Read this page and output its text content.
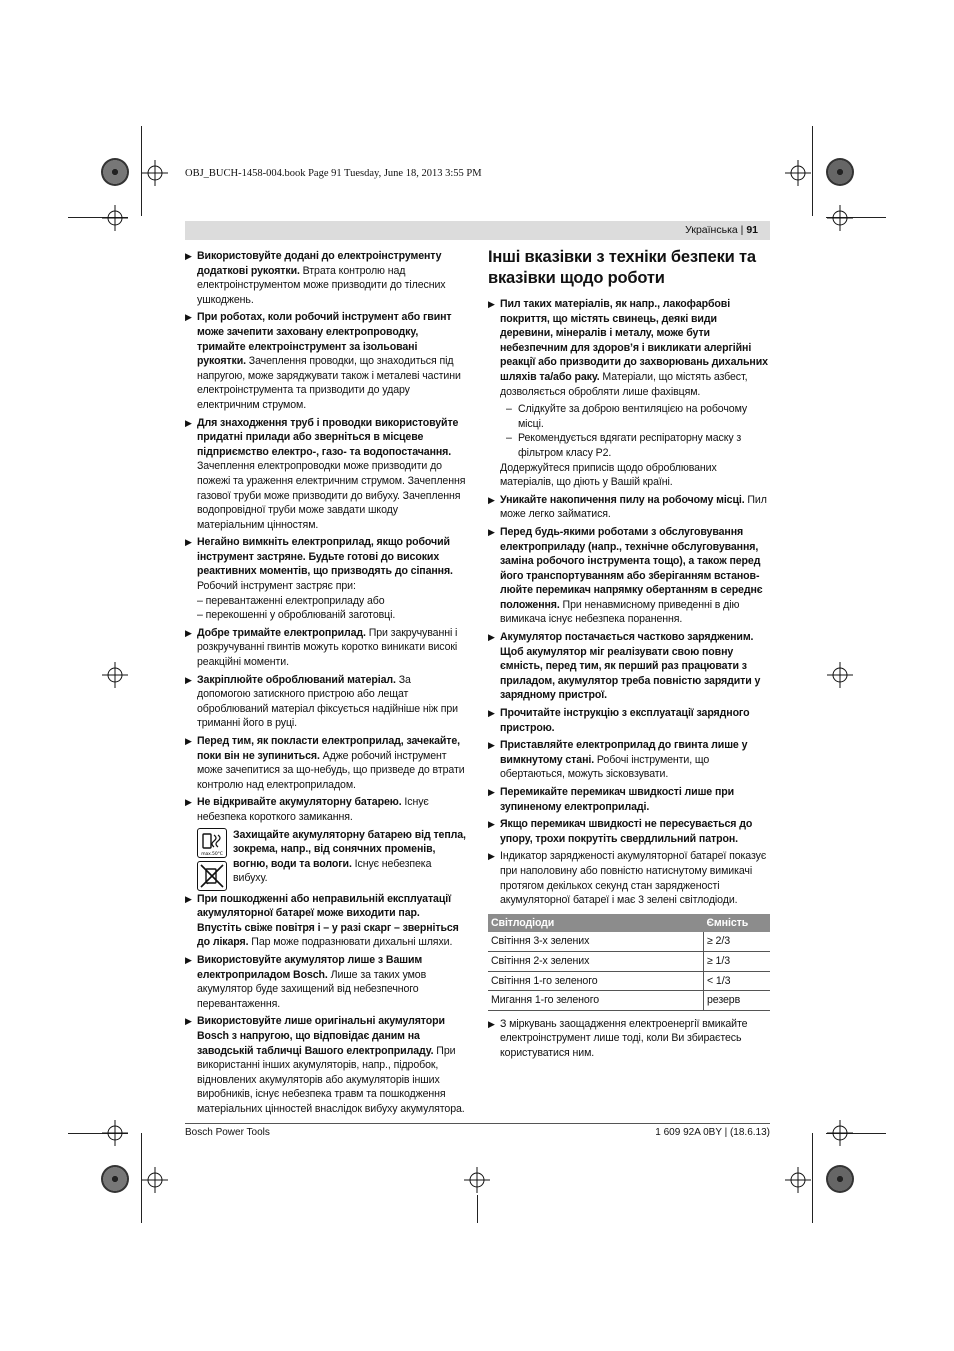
OBJ_BUCH-1458-004.book Page 91 Tuesday, June 18, 2013 3:55 PM
Українська | 91
▶ Використовуйте додані до електроінструменту додаткові рукоятки. Втрата контролю над електроінструментом може призводити до тілесних ушкоджень.
▶ При роботах, коли робочий інструмент або гвинт може зачепити заховану електропроводку, тримайте електроінструмент за ізольовані рукоятки. Зачеплення проводки, що знаходиться під напругою, може заряджувати також і металеві частини електроінструмента та призводити до удару електричним струмом.
▶ Для знаходження труб і проводки використовуйте придатні прилади або зверніться в місцеве підприємство електро-, газо- та водопостачання. Зачеплення електропроводки може призводити до пожежі та ураження електричним струмом. Зачеплення газової труби може призводити до вибуху. Зачеплення водопровідної труби може завдати шкоду матеріальним цінностям.
▶ Негайно вимкніть електроприлад, якщо робочий інструмент застряне. Будьте готові до високих реактивних моментів, що призводять до сіпання. Робочий інструмент застряє при:
– перевантаженні електроприладу або
– перекошенні у оброблюваній заготовці.
▶ Добре тримайте електроприлад. При закручуванні і розкручуванні гвинтів можуть коротко виникати високі реакційні моменти.
▶ Закріплюйте оброблюваний матеріал. За допомогою затискного пристрою або лещат оброблюваний матеріал фіксується надійніше ніж при триманні його в руці.
▶ Перед тим, як покласти електроприлад, зачекайте, поки він не зупиниться. Адже робочий інструмент може зачепитися за що-небудь, що призведе до втрати контролю над електроприладом.
▶ Не відкривайте акумуляторну батарею. Існує небезпека короткого замикання.
max.50°C
Захищайте акумуляторну батарею від тепла, зокрема, напр., від сонячних променів, вогню, води та вологи. Існує небезпека вибуху.
▶ При пошкодженні або неправильній експлуатації акумуляторної батареї може виходити пар. Впустіть свіже повітря і – у разі скарг – зверніться до лікаря. Пар може подразнювати дихальні шляхи.
▶ Використовуйте акумулятор лише з Вашим електроприладом Bosch. Лише за таких умов акумулятор буде захищений від небезпечного перевантаження.
▶ Використовуйте лише оригінальні акумулятори Bosch з напругою, що відповідає даним на заводській табличці Вашого електроприладу. При використанні інших акумуляторів, напр., підробок, відновлених акумуляторів або акумуляторів інших виробників, існує небезпека травм та пошкодження матеріальних цінностей внаслідок вибуху акумулятора.
Інші вказівки з техніки безпеки та вказівки щодо роботи
▶ Пил таких матеріалів, як напр., лакофарбові покриття, що містять свинець, деякі види деревини, мінералів і металу, може бути небезпечним для здоров’я і викликати алергійні реакції або призводити до захворювань дихальних шляхів та/або раку. Матеріали, що містять азбест, дозволяється обробляти лише фахівцям.
– Слідкуйте за доброю вентиляцією на робочому місці.
– Рекомендується вдягати респіраторну маску з фільтром класу P2.
Додержуйтеся приписів щодо оброблюваних матеріалів, що діють у Вашій країні.
▶ Уникайте накопичення пилу на робочому місці. Пил може легко займатися.
▶ Перед будь-якими роботами з обслуговування електроприладу (напр., технічне обслуговування, заміна робочого інструмента тощо), а також перед його транспортуванням або зберіганням встановлюйте перемикач напрямку обертанням в середнє положення. При ненавмисному приведенні в дію вимикача існує небезпека поранення.
▶ Акумулятор постачається частково зарядженим. Щоб акумулятор міг реалізувати свою повну ємність, перед тим, як перший раз працювати з приладом, акумулятор треба повністю зарядити у зарядному пристрої.
▶ Прочитайте інструкцію з експлуатації зарядного пристрою.
▶ Приставляйте електроприлад до гвинта лише у вимкнутому стані. Робочі інструменти, що обертаються, можуть зісковзувати.
▶ Перемикайте перемикач швидкості лише при зупиненому електроприладі.
▶ Якщо перемикач швидкості не пересувається до упору, трохи покрутіть свердлильний патрон.
▶ Індикатор зарядженості акумуляторної батареї показує при наполовину або повністю натиснутому вимикачі протягом декількох секунд стан зарядженості акумуляторної батареї і має 3 зелені світлодіоди.
Світлодіоди	Ємність
Світіння 3-х зелених	≥ 2/3
Світіння 2-х зелених	≥ 1/3
Світіння 1-го зеленого	< 1/3
Мигання 1-го зеленого	резерв
▶ З міркувань заощадження електроенергії вмикайте електроінструмент лише тоді, коли Ви збираєтесь користуватися ним.
Bosch Power Tools	1 609 92A 0BY | (18.6.13)
